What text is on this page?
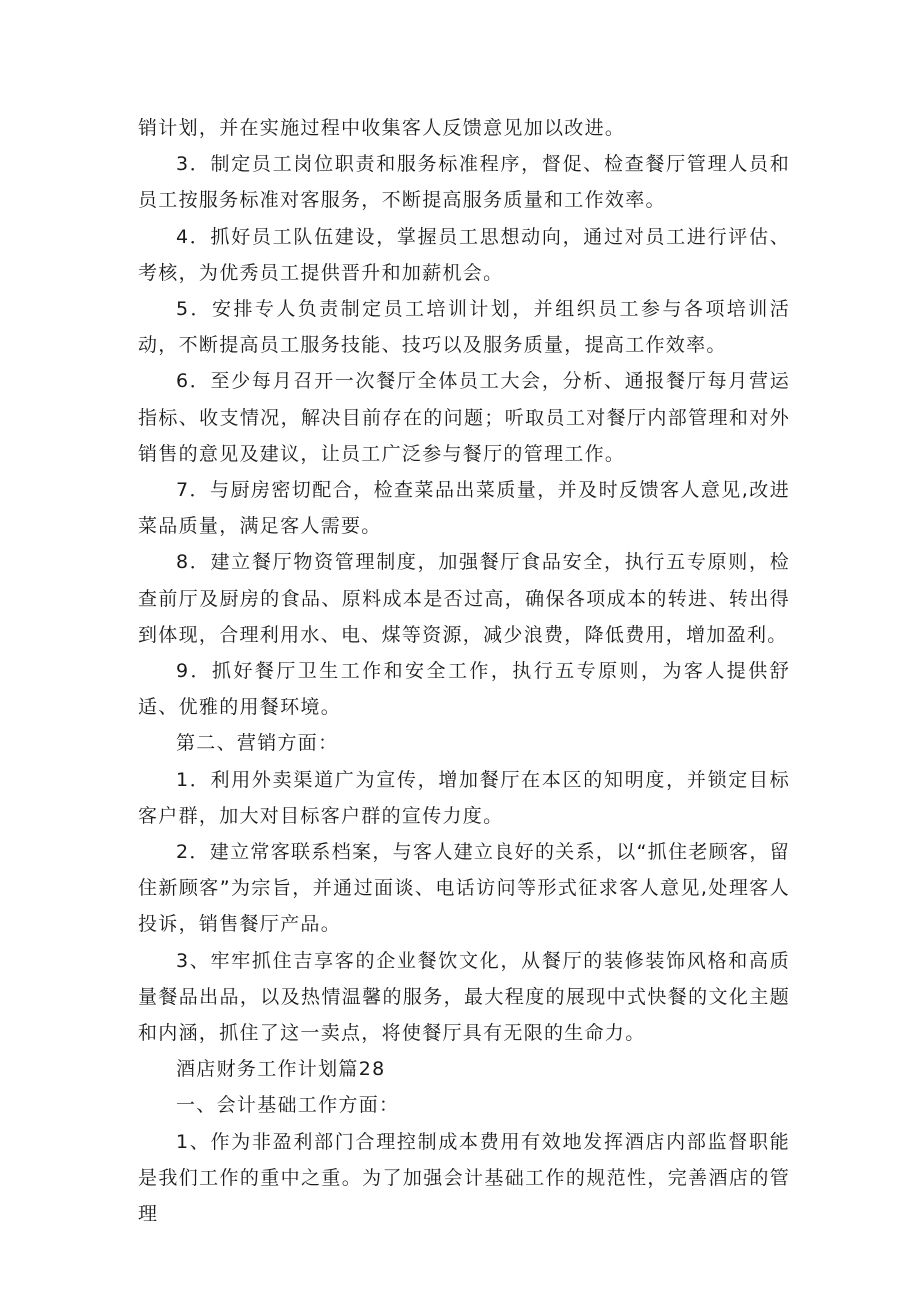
销计划，并在实施过程中收集客人反馈意见加以改进。

3．制定员工岗位职责和服务标准程序，督促、检查餐厅管理人员和员工按服务标准对客服务，不断提高服务质量和工作效率。

4．抓好员工队伍建设，掌握员工思想动向，通过对员工进行评估、考核，为优秀员工提供晋升和加薪机会。

5．安排专人负责制定员工培训计划，并组织员工参与各项培训活动，不断提高员工服务技能、技巧以及服务质量，提高工作效率。

6．至少每月召开一次餐厅全体员工大会，分析、通报餐厅每月营运指标、收支情况，解决目前存在的问题；听取员工对餐厅内部管理和对外销售的意见及建议，让员工广泛参与餐厅的管理工作。

7．与厨房密切配合，检查菜品出菜质量，并及时反馈客人意见,改进菜品质量，满足客人需要。

8．建立餐厅物资管理制度，加强餐厅食品安全，执行五专原则，检查前厅及厨房的食品、原料成本是否过高，确保各项成本的转进、转出得到体现，合理利用水、电、煤等资源，减少浪费，降低费用，增加盈利。

9．抓好餐厅卫生工作和安全工作，执行五专原则，为客人提供舒适、优雅的用餐环境。

第二、营销方面：

1．利用外卖渠道广为宣传，增加餐厅在本区的知明度，并锁定目标客户群，加大对目标客户群的宣传力度。

2．建立常客联系档案，与客人建立良好的关系，以“抓住老顾客，留住新顾客”为宗旨，并通过面谈、电话访问等形式征求客人意见,处理客人投诉，销售餐厅产品。

3、牢牢抓住吉享客的企业餐饮文化，从餐厅的装修装饰风格和高质量餐品出品，以及热情温馨的服务，最大程度的展现中式快餐的文化主题和内涵，抓住了这一卖点，将使餐厅具有无限的生命力。

酒店财务工作计划篇28

一、会计基础工作方面：

1、作为非盈利部门合理控制成本费用有效地发挥酒店内部监督职能是我们工作的重中之重。为了加强会计基础工作的规范性，完善酒店的管理
